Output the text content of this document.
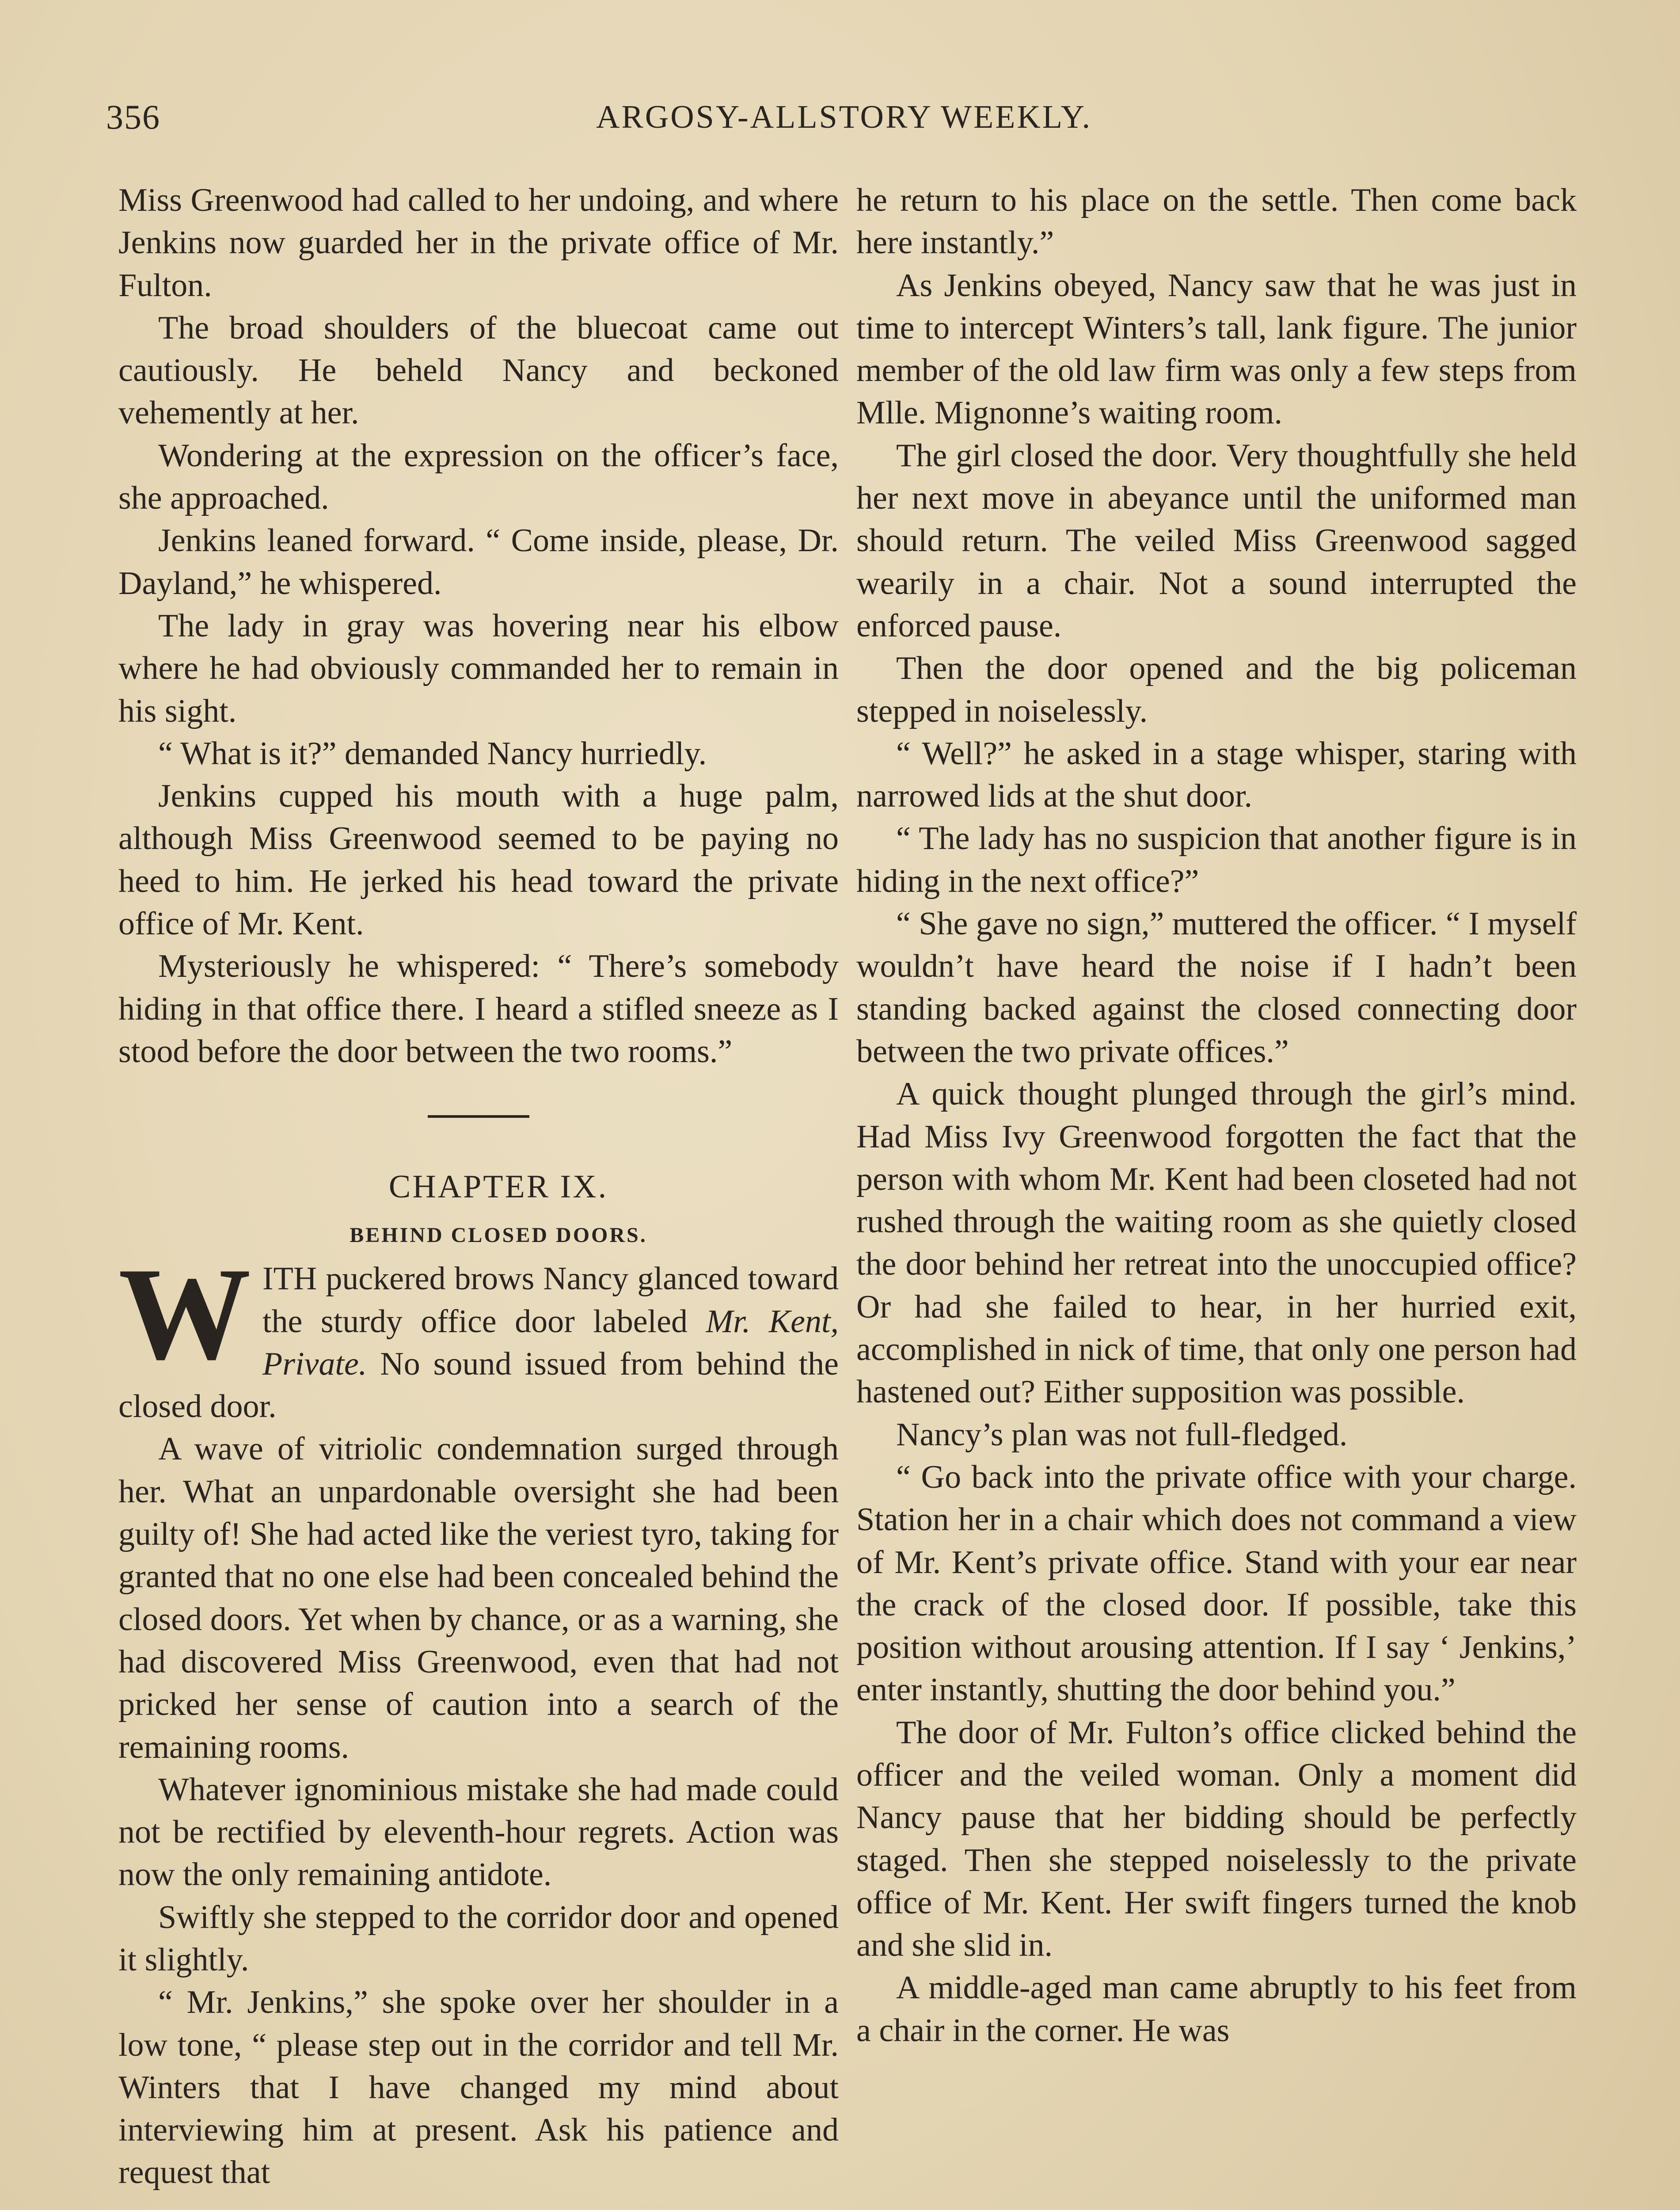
356	ARGOSY-ALLSTORY WEEKLY.

Miss Greenwood had called to her undoing, and where Jenkins now guarded her in the private office of Mr. Fulton.

The broad shoulders of the bluecoat came out cautiously. He beheld Nancy and beckoned vehemently at her.

Wondering at the expression on the officer’s face, she approached.

Jenkins leaned forward. “ Come inside, please, Dr. Dayland,” he whispered.

The lady in gray was hovering near his elbow where he had obviously commanded her to remain in his sight.

“ What is it?” demanded Nancy hurriedly.

Jenkins cupped his mouth with a huge palm, although Miss Greenwood seemed to be paying no heed to him. He jerked his head toward the private office of Mr. Kent.

Mysteriously he whispered: “ There’s somebody hiding in that office there. I heard a stifled sneeze as I stood before the door between the two rooms.”

CHAPTER IX.

BEHIND CLOSED DOORS.

WITH puckered brows Nancy glanced toward the sturdy office door labeled Mr. Kent, Private. No sound issued from behind the closed door.

A wave of vitriolic condemnation surged through her. What an unpardonable oversight she had been guilty of! She had acted like the veriest tyro, taking for granted that no one else had been concealed behind the closed doors. Yet when by chance, or as a warning, she had discovered Miss Greenwood, even that had not pricked her sense of caution into a search of the remaining rooms.

Whatever ignominious mistake she had made could not be rectified by eleventh-hour regrets. Action was now the only remaining antidote.

Swiftly she stepped to the corridor door and opened it slightly.

“ Mr. Jenkins,” she spoke over her shoulder in a low tone, “ please step out in the corridor and tell Mr. Winters that I have changed my mind about interviewing him at present. Ask his patience and request that

he return to his place on the settle. Then come back here instantly.”

As Jenkins obeyed, Nancy saw that he was just in time to intercept Winters’s tall, lank figure. The junior member of the old law firm was only a few steps from Mlle. Mignonne’s waiting room.

The girl closed the door. Very thoughtfully she held her next move in abeyance until the uniformed man should return. The veiled Miss Greenwood sagged wearily in a chair. Not a sound interrupted the enforced pause.

Then the door opened and the big policeman stepped in noiselessly.

“ Well?” he asked in a stage whisper, staring with narrowed lids at the shut door.

“ The lady has no suspicion that another figure is in hiding in the next office?”

“ She gave no sign,” muttered the officer. “ I myself wouldn’t have heard the noise if I hadn’t been standing backed against the closed connecting door between the two private offices.”

A quick thought plunged through the girl’s mind. Had Miss Ivy Greenwood forgotten the fact that the person with whom Mr. Kent had been closeted had not rushed through the waiting room as she quietly closed the door behind her retreat into the unoccupied office? Or had she failed to hear, in her hurried exit, accomplished in nick of time, that only one person had hastened out? Either supposition was possible.

Nancy’s plan was not full-fledged.

“ Go back into the private office with your charge. Station her in a chair which does not command a view of Mr. Kent’s private office. Stand with your ear near the crack of the closed door. If possible, take this position without arousing attention. If I say ‘ Jenkins,’ enter instantly, shutting the door behind you.”

The door of Mr. Fulton’s office clicked behind the officer and the veiled woman. Only a moment did Nancy pause that her bidding should be perfectly staged. Then she stepped noiselessly to the private office of Mr. Kent. Her swift fingers turned the knob and she slid in.

A middle-aged man came abruptly to his feet from a chair in the corner. He was
